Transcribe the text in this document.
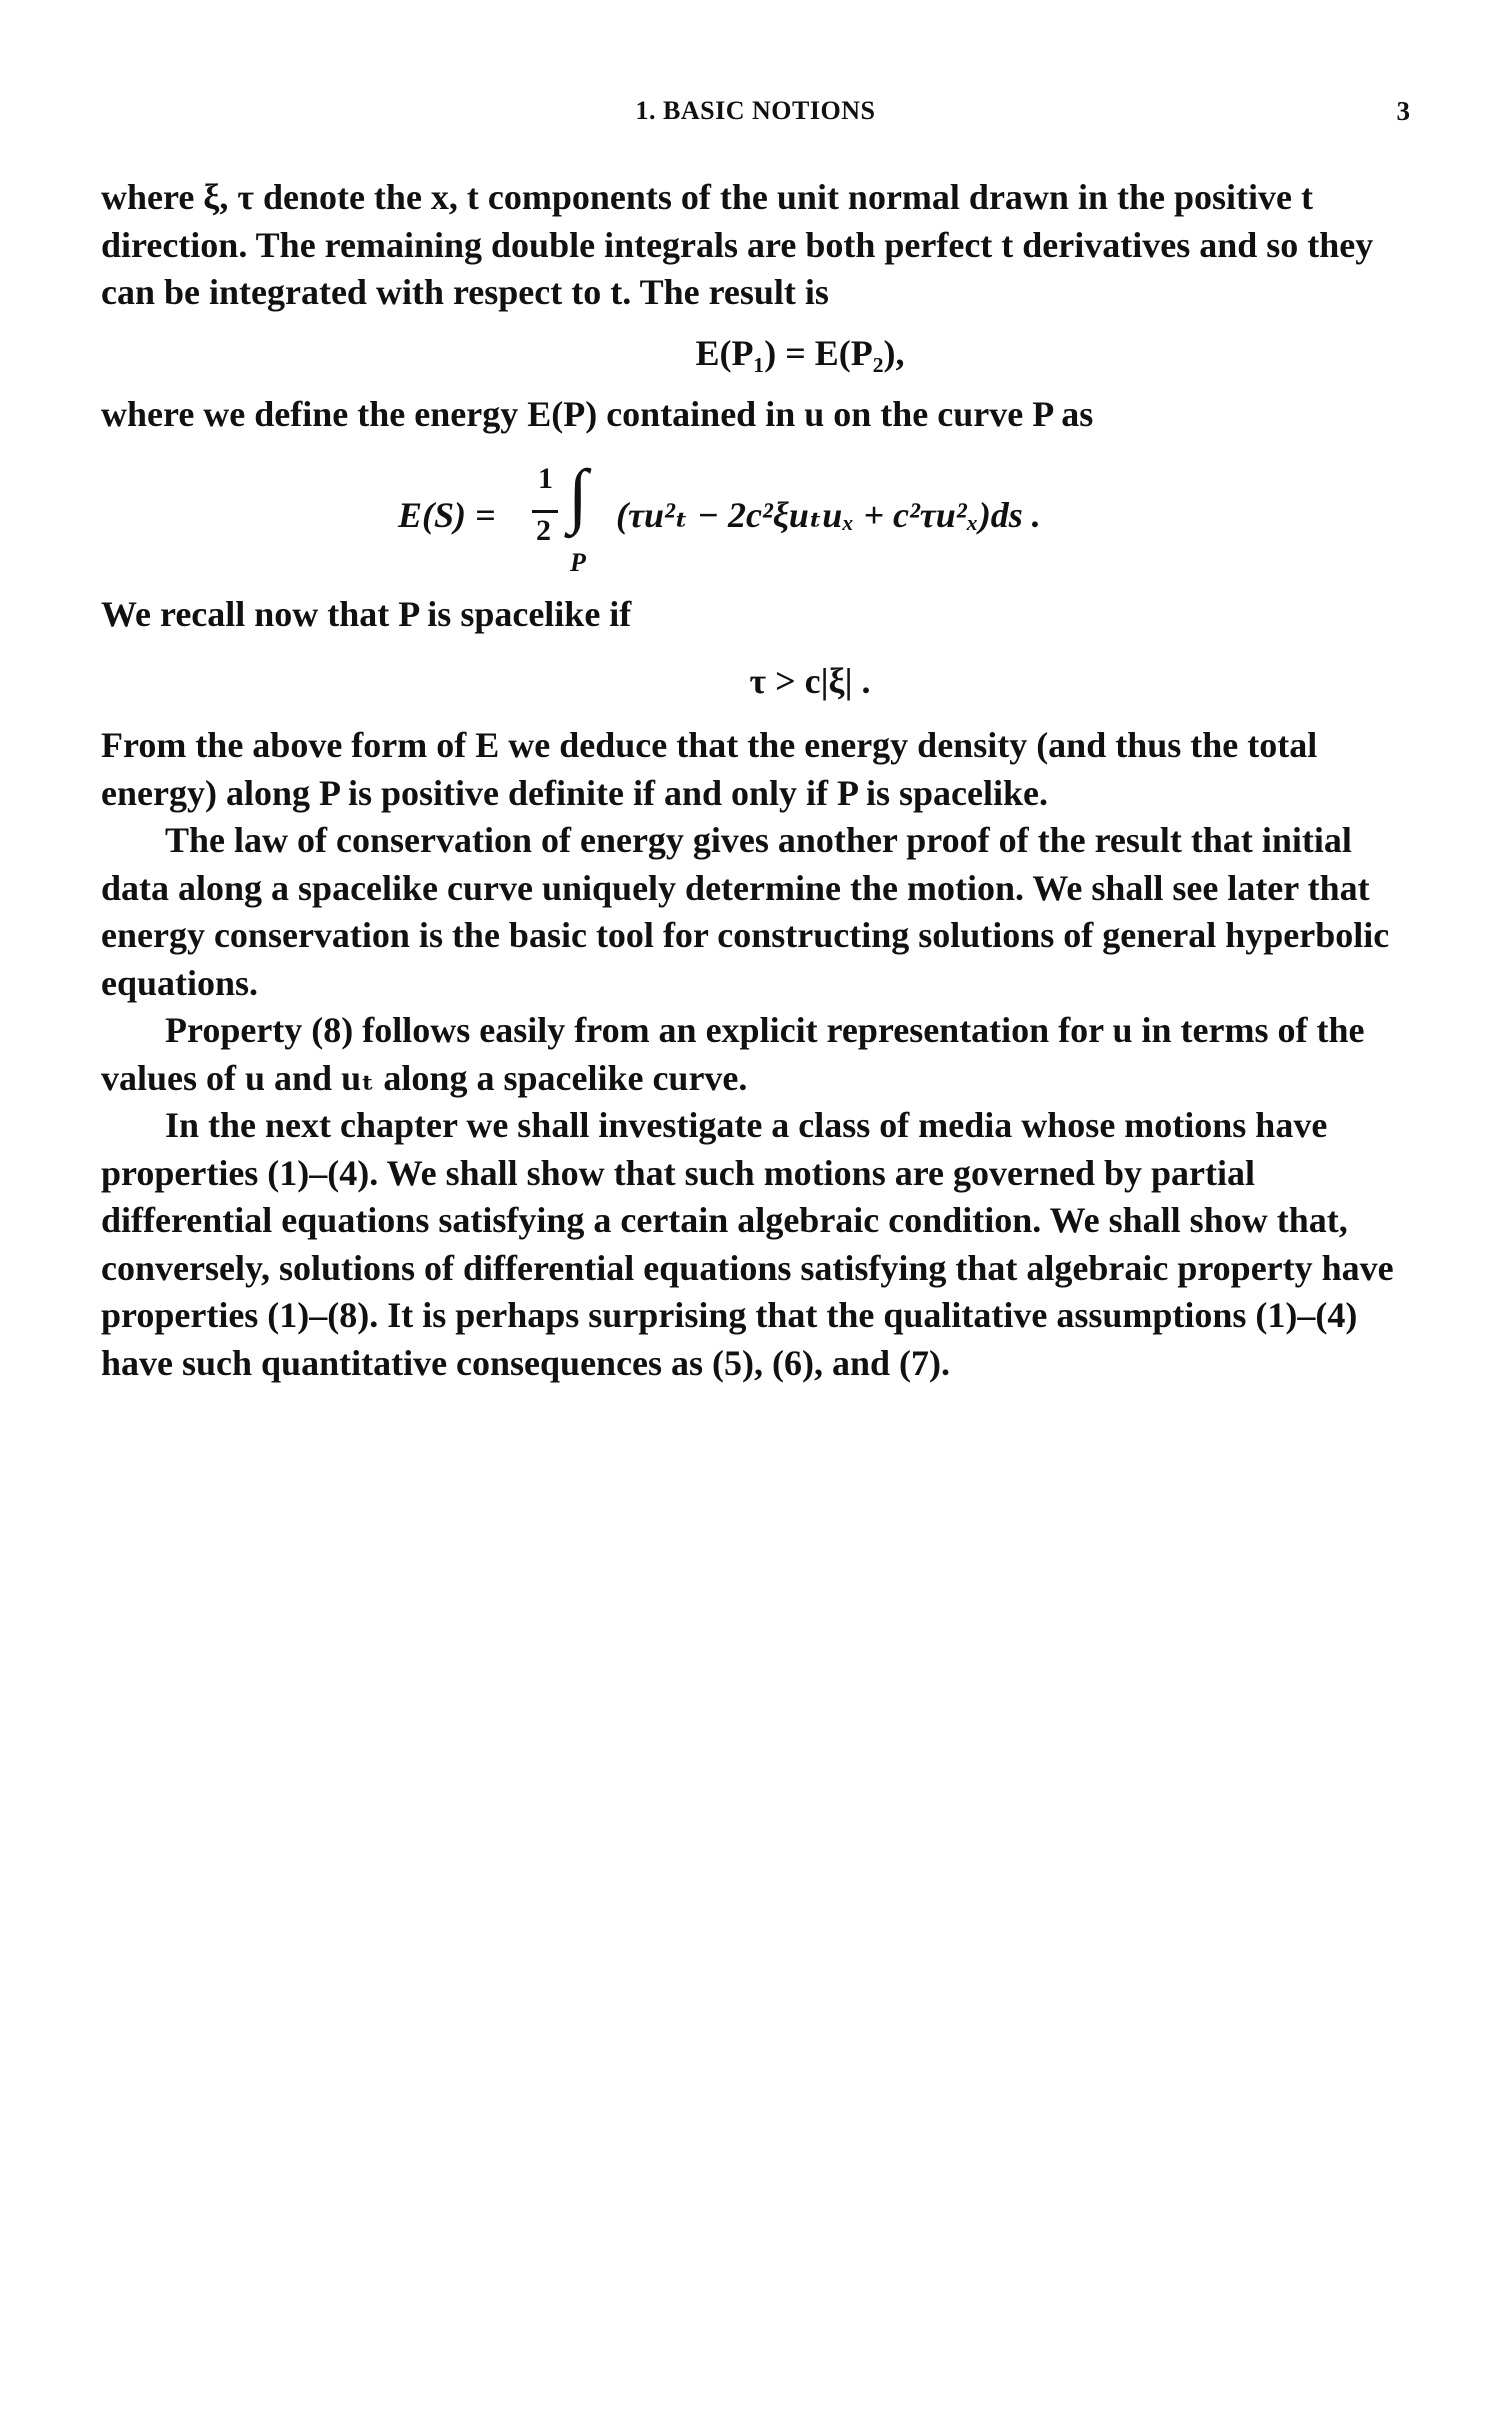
1. BASIC NOTIONS	3
where ξ, τ denote the x, t components of the unit normal drawn in the positive t direction. The remaining double integrals are both perfect t derivatives and so they can be integrated with respect to t. The result is
E(P₁) = E(P₂),
where we define the energy E(P) contained in u on the curve P as
E(S) =
1
2 ∫ (τu²ₜ − 2c²ξuₜuₓ + c²τu²ₓ)ds .
P
We recall now that P is spacelike if
τ > c|ξ| .
From the above form of E we deduce that the energy density (and thus the total energy) along P is positive definite if and only if P is spacelike.
The law of conservation of energy gives another proof of the result that initial data along a spacelike curve uniquely determine the motion. We shall see later that energy conservation is the basic tool for constructing solutions of general hyperbolic equations.
Property (8) follows easily from an explicit representation for u in terms of the values of u and uₜ along a spacelike curve.
In the next chapter we shall investigate a class of media whose motions have properties (1)–(4). We shall show that such motions are governed by partial differential equations satisfying a certain algebraic condition. We shall show that, conversely, solutions of differential equations satisfying that algebraic property have properties (1)–(8). It is perhaps surprising that the qualitative assumptions (1)–(4) have such quantitative consequences as (5), (6), and (7).
